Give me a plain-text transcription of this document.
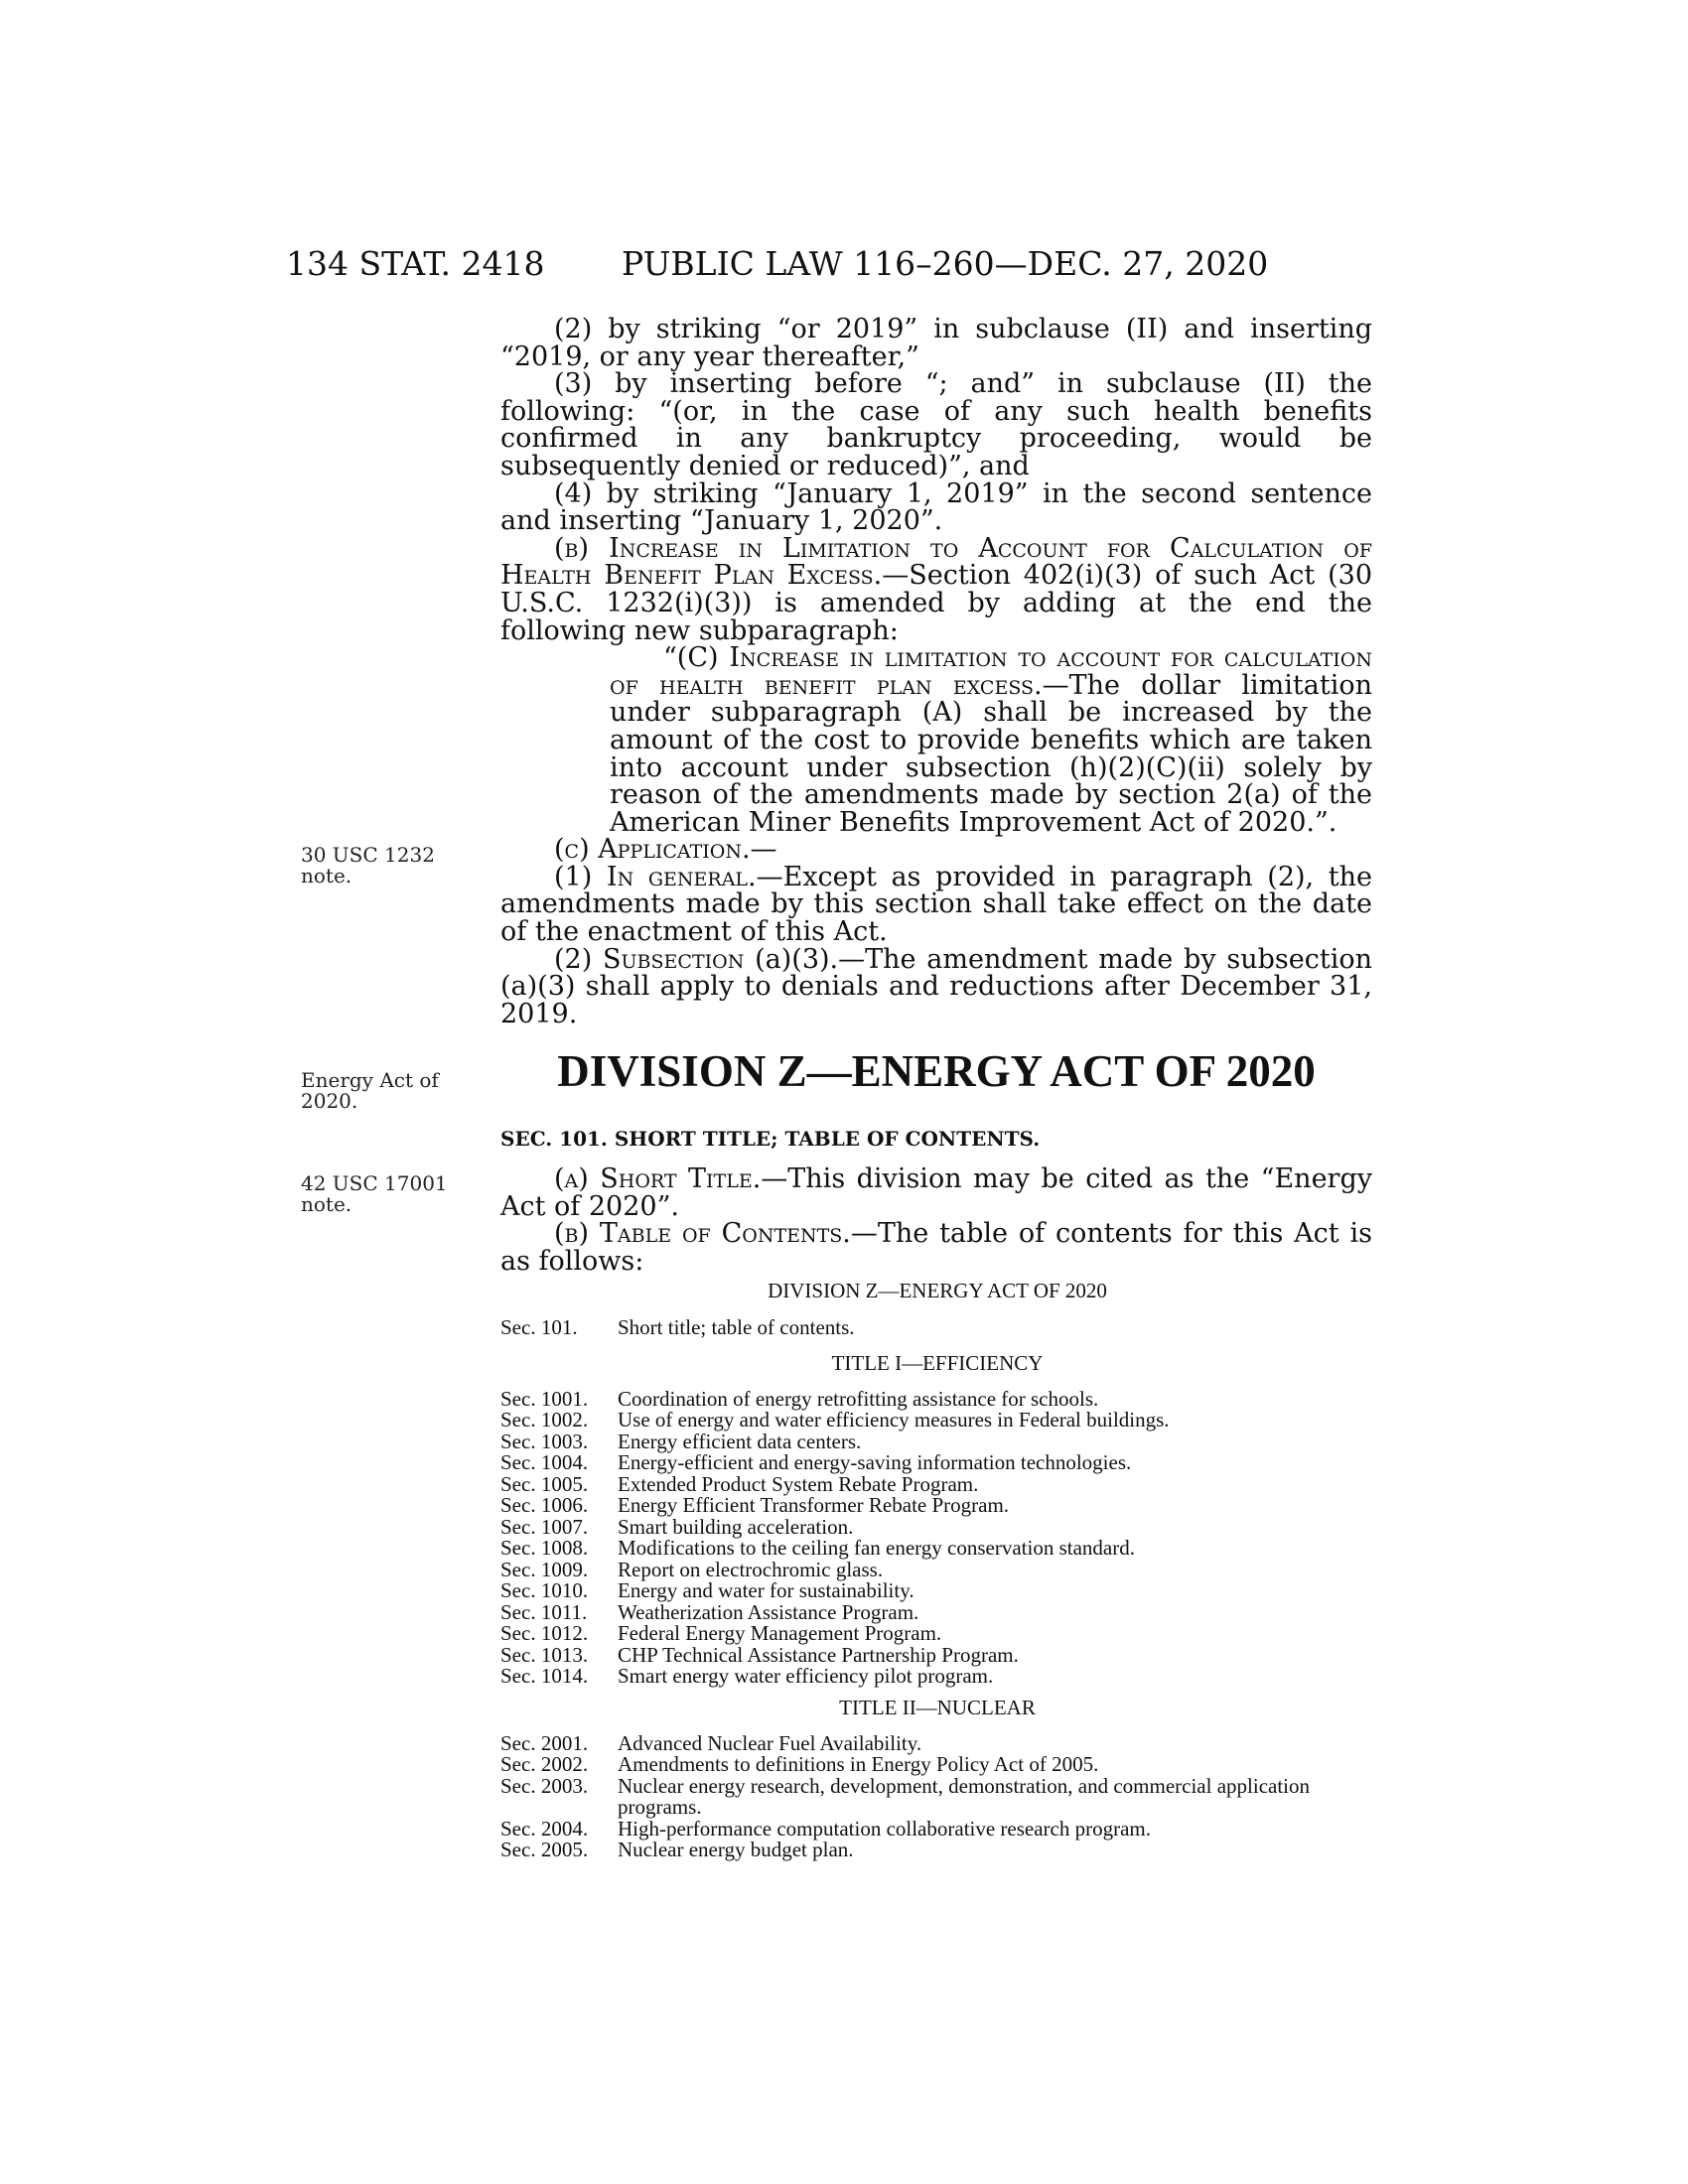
134 STAT. 2418 PUBLIC LAW 116–260—DEC. 27, 2020

(2) by striking “or 2019” in subclause (II) and inserting “2019, or any year thereafter,”

(3) by inserting before “; and” in subclause (II) the following: “(or, in the case of any such health benefits confirmed in any bankruptcy proceeding, would be subsequently denied or reduced)”, and

(4) by striking “January 1, 2019” in the second sentence and inserting “January 1, 2020”.

(b) Increase in Limitation to Account for Calculation of Health Benefit Plan Excess.—Section 402(i)(3) of such Act (30 U.S.C. 1232(i)(3)) is amended by adding at the end the following new subparagraph:

“(C) Increase in limitation to account for calculation of health benefit plan excess.—The dollar limitation under subparagraph (A) shall be increased by the amount of the cost to provide benefits which are taken into account under subsection (h)(2)(C)(ii) solely by reason of the amendments made by section 2(a) of the American Miner Benefits Improvement Act of 2020.”.

(c) Application.—

(1) In general.—Except as provided in paragraph (2), the amendments made by this section shall take effect on the date of the enactment of this Act.

(2) Subsection (a)(3).—The amendment made by subsection (a)(3) shall apply to denials and reductions after December 31, 2019.

30 USC 1232
note.
Energy Act of
2020.
42 USC 17001
note.
DIVISION Z—ENERGY ACT OF 2020
SEC. 101. SHORT TITLE; TABLE OF CONTENTS.

(a) Short Title.—This division may be cited as the “Energy Act of 2020”.

(b) Table of Contents.—The table of contents for this Act is as follows:

DIVISION Z—ENERGY ACT OF 2020

Sec. 101.	Short title; table of contents.

TITLE I—EFFICIENCY

Sec. 1001.	Coordination of energy retrofitting assistance for schools.
Sec. 1002.	Use of energy and water efficiency measures in Federal buildings.
Sec. 1003.	Energy efficient data centers.
Sec. 1004.	Energy-efficient and energy-saving information technologies.
Sec. 1005.	Extended Product System Rebate Program.
Sec. 1006.	Energy Efficient Transformer Rebate Program.
Sec. 1007.	Smart building acceleration.
Sec. 1008.	Modifications to the ceiling fan energy conservation standard.
Sec. 1009.	Report on electrochromic glass.
Sec. 1010.	Energy and water for sustainability.
Sec. 1011.	Weatherization Assistance Program.
Sec. 1012.	Federal Energy Management Program.
Sec. 1013.	CHP Technical Assistance Partnership Program.
Sec. 1014.	Smart energy water efficiency pilot program.

TITLE II—NUCLEAR

Sec. 2001.	Advanced Nuclear Fuel Availability.
Sec. 2002.	Amendments to definitions in Energy Policy Act of 2005.
Sec. 2003.	Nuclear energy research, development, demonstration, and commercial application programs.
Sec. 2004.	High-performance computation collaborative research program.
Sec. 2005.	Nuclear energy budget plan.
